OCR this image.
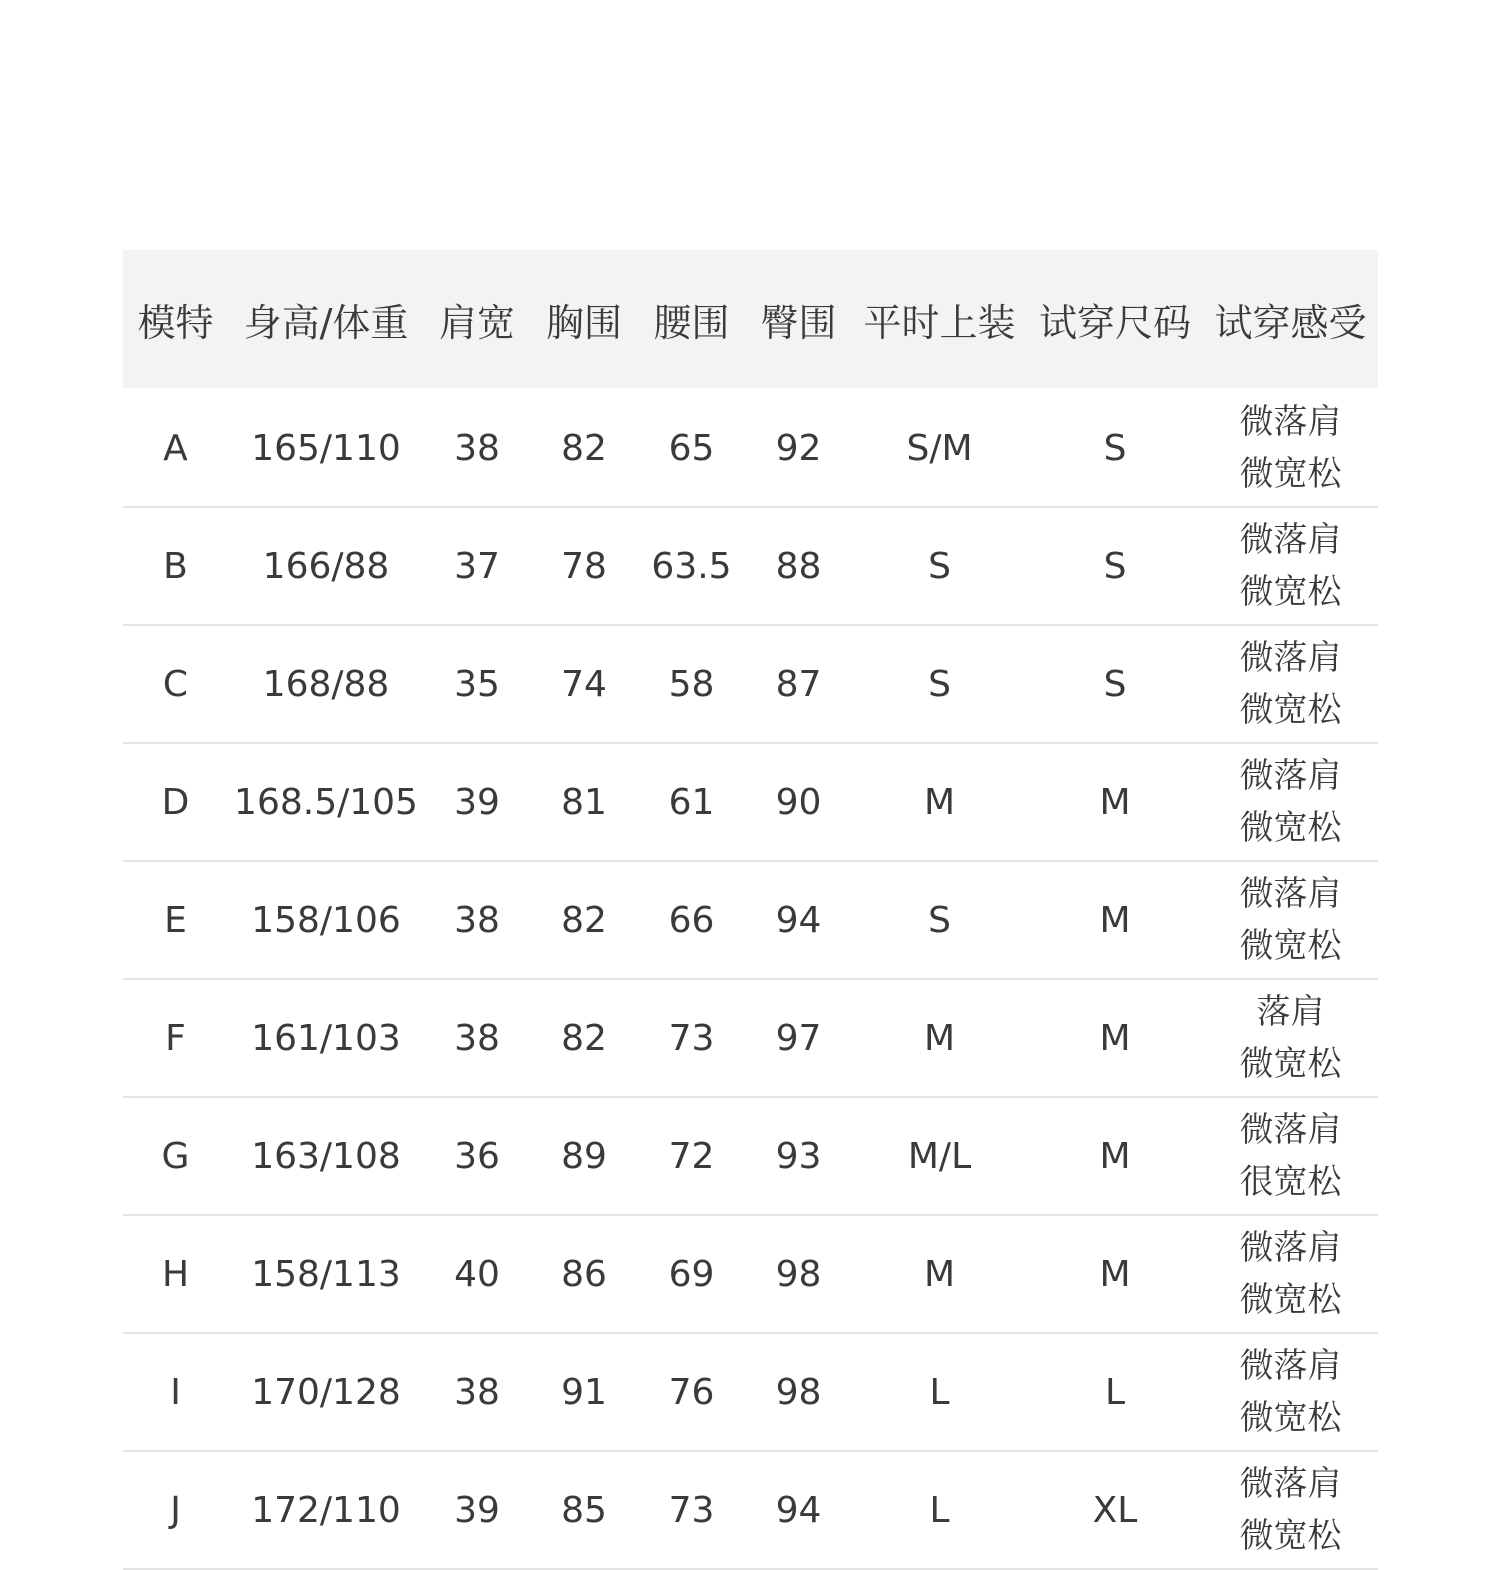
模特	身高/体重	肩宽	胸围	腰围	臀围	平时上装	试穿尺码	试穿感受
A	165/110	38	82	65	92	S/M	S	微落肩
微宽松

B	166/88	37	78	63.5	88	S	S	微落肩
微宽松

C	168/88	35	74	58	87	S	S	微落肩
微宽松

D	168.5/105	39	81	61	90	M	M	微落肩
微宽松

E	158/106	38	82	66	94	S	M	微落肩
微宽松

F	161/103	38	82	73	97	M	M	落肩
微宽松

G	163/108	36	89	72	93	M/L	M	微落肩
很宽松

H	158/113	40	86	69	98	M	M	微落肩
微宽松

I	170/128	38	91	76	98	L	L	微落肩
微宽松

J	172/110	39	85	73	94	L	XL	微落肩
微宽松
